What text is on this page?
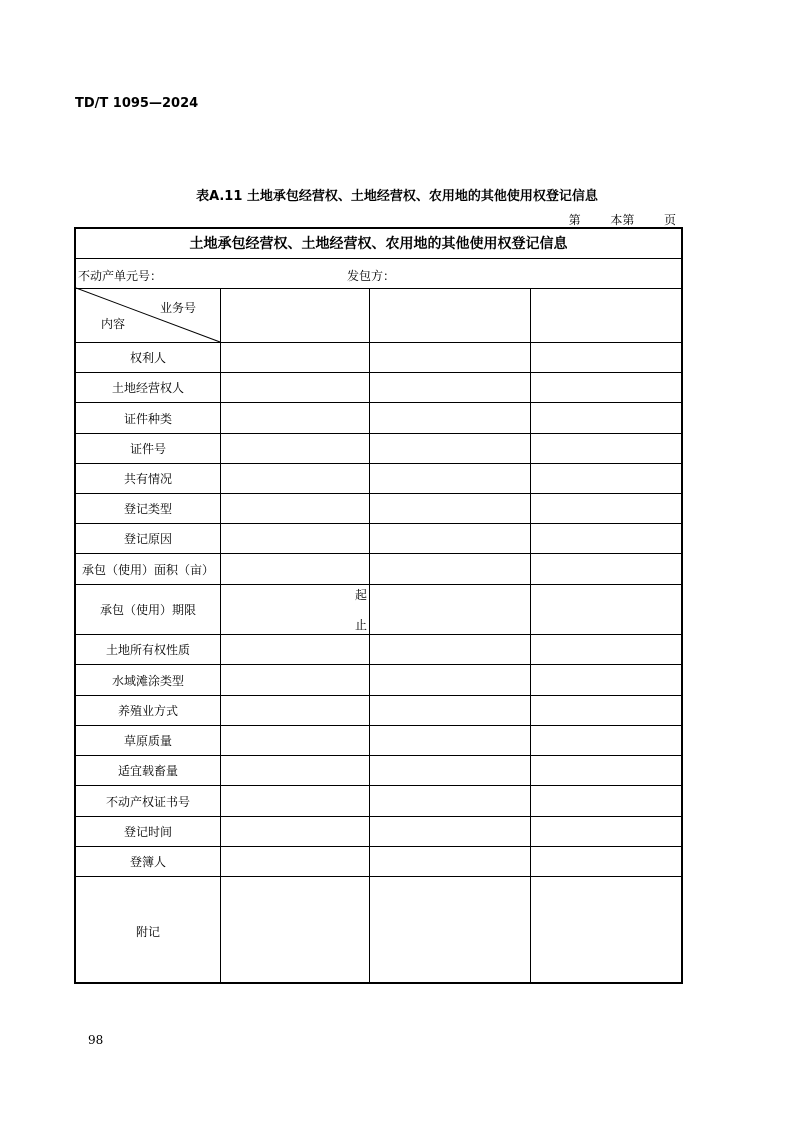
TD/T 1095—2024
表A.11 土地承包经营权、土地经营权、农用地的其他使用权登记信息
第 本第 页
土地承包经营权、土地经营权、农用地的其他使用权登记信息
不动产单元号：	发包方：
业务号
内容
权利人
土地经营权人
证件种类
证件号
共有情况
登记类型
登记原因
承包（使用）面积（亩）
承包（使用）期限
土地所有权性质
水域滩涂类型
养殖业方式
草原质量
适宜载畜量
不动产权证书号
登记时间
登簿人
附记
起
止
98
